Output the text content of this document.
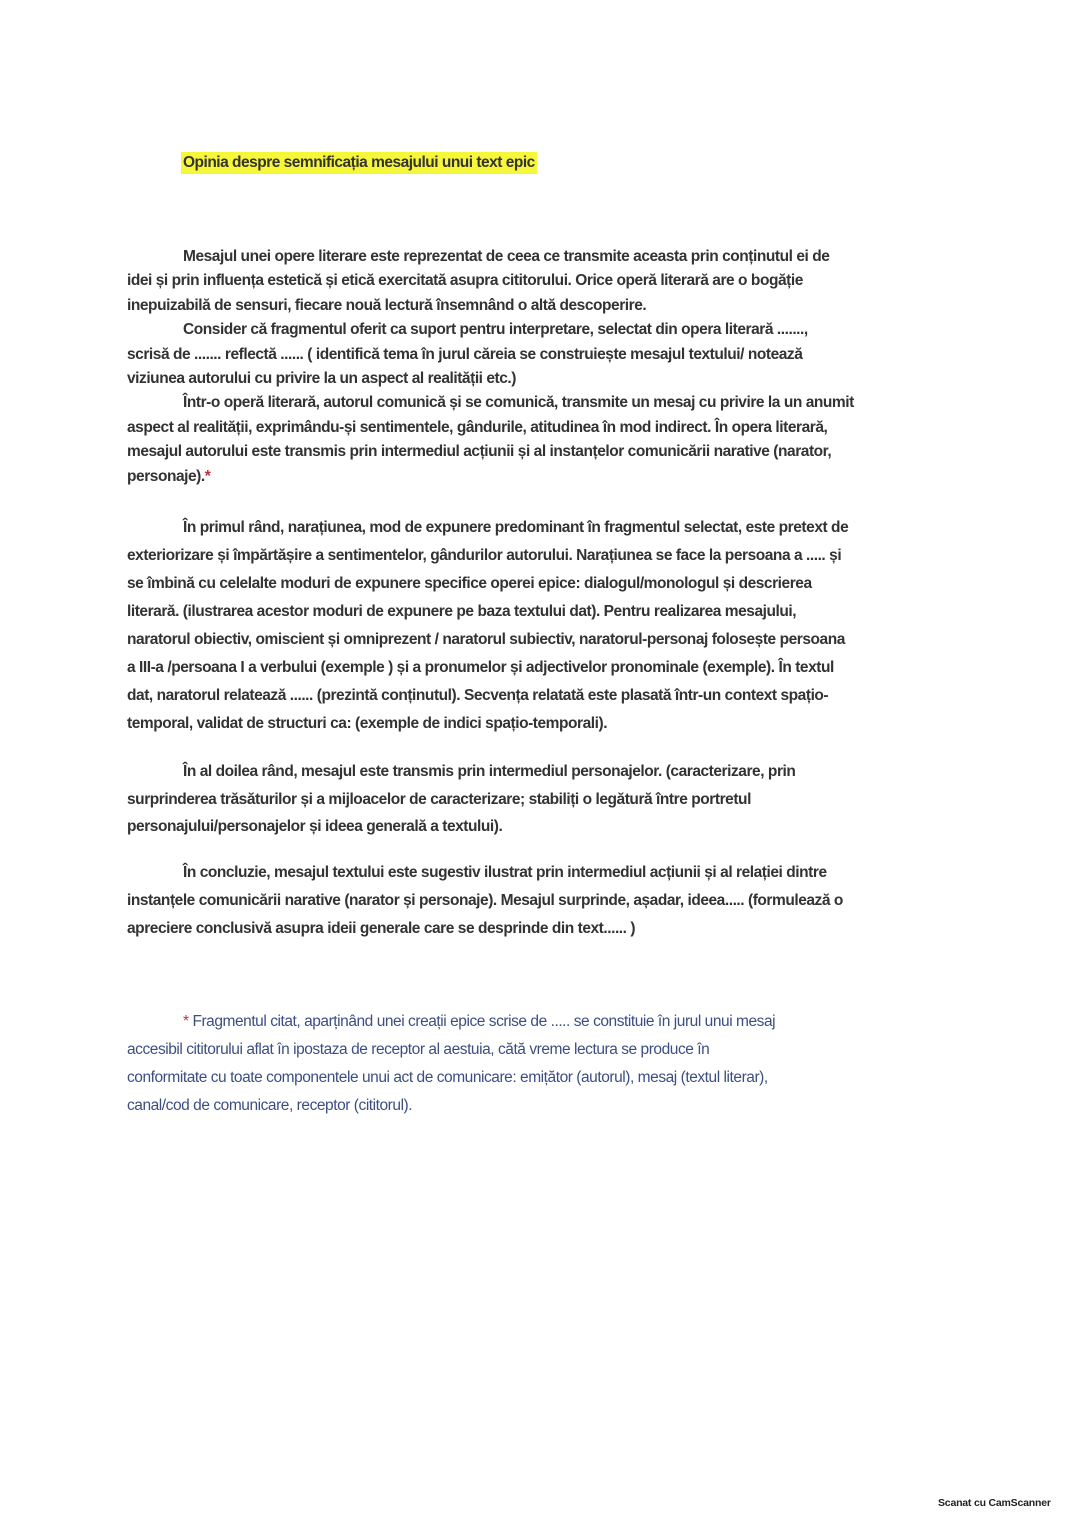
Opinia despre semnificația mesajului unui text epic
Mesajul unei opere literare este reprezentat de ceea ce transmite aceasta prin conținutul ei de
idei și prin influența estetică și etică exercitată asupra cititorului. Orice operă literară are o bogăție
inepuizabilă de sensuri, fiecare nouă lectură însemnând o altă descoperire.
Consider că fragmentul oferit ca suport pentru interpretare, selectat din opera literară .......,
scrisă de ....... reflectă ...... ( identifică tema în jurul căreia se construiește mesajul textului/ notează
viziunea autorului cu privire la un aspect al realității etc.)
Într-o operă literară, autorul comunică și se comunică, transmite un mesaj cu privire la un anumit
aspect al realității, exprimându-și sentimentele, gândurile, atitudinea în mod indirect. În opera literară,
mesajul autorului este transmis prin intermediul acțiunii și al instanțelor comunicării narative (narator,
personaje).*
În primul rând, narațiunea, mod de expunere predominant în fragmentul selectat, este pretext de
exteriorizare și împărtășire a sentimentelor, gândurilor autorului. Narațiunea se face la persoana a ..... și
se îmbină cu celelalte moduri de expunere specifice operei epice: dialogul/monologul și descrierea
literară. (ilustrarea acestor moduri de expunere pe baza textului dat). Pentru realizarea mesajului,
naratorul obiectiv, omiscient și omniprezent / naratorul subiectiv, naratorul-personaj folosește persoana
a III-a /persoana I a verbului (exemple ) și a pronumelor și adjectivelor pronominale (exemple). În textul
dat, naratorul relatează ...... (prezintă conținutul). Secvența relatată este plasată într-un context spațio-
temporal, validat de structuri ca: (exemple de indici spațio-temporali).
În al doilea rând, mesajul este transmis prin intermediul personajelor. (caracterizare, prin
surprinderea trăsăturilor și a mijloacelor de caracterizare; stabiliți o legătură între portretul
personajului/personajelor și ideea generală a textului).
În concluzie, mesajul textului este sugestiv ilustrat prin intermediul acțiunii și al relației dintre
instanțele comunicării narative (narator și personaje). Mesajul surprinde, așadar, ideea..... (formulează o
apreciere conclusivă asupra ideii generale care se desprinde din text...... )
* Fragmentul citat, aparținând unei creații epice scrise de ..... se constituie în jurul unui mesaj
accesibil cititorului aflat în ipostaza de receptor al aestuia, cătă vreme lectura se produce în
conformitate cu toate componentele unui act de comunicare: emițător (autorul), mesaj (textul literar),
canal/cod de comunicare, receptor (cititorul).
Scanat cu CamScanner
